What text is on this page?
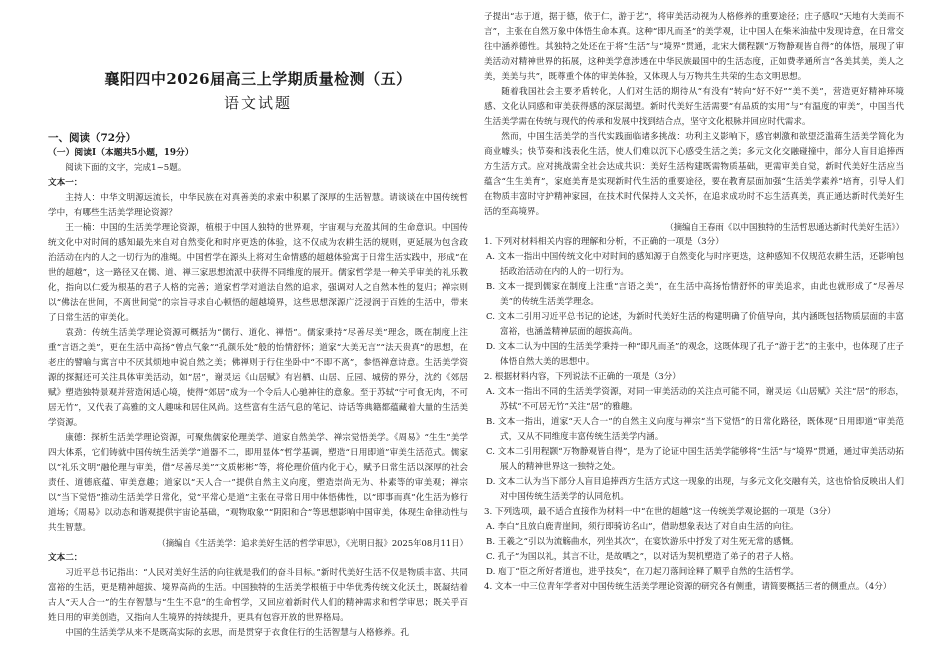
襄阳四中2026届高三上学期质量检测（五）
语文试题
一、阅读（72分）
（一）阅读Ⅰ（本题共5小题，19分）
阅读下面的文字，完成1~5题。
文本一：
主持人：中华文明源远流长，中华民族在对真善美的求索中积累了深厚的生活智慧。请谈谈在中国传统哲学中，有哪些生活美学理论资源？
王一楠：中国的生活美学理论资源，植根于中国人独特的世界观，宇宙观与充盈其间的生命意识。中国传统文化中对时间的感知最先来自对自然变化和时序更迭的体验，这不仅成为农耕生活的规则，更延展为包含政治活动在内的人之一切行为的准绳。中国哲学在源头上将对生命情感的超越体验寓于日常生活实践中，形成“在世的超越”，这一路径又在儒、道、禅三家思想流派中获得不同维度的展开。儒家哲学是一种关乎审美的礼乐教化，指向以仁爱为根基的君子人格的完善；道家哲学对道法自然的追求，强调对人之自然本性的复归；禅宗则以“佛法在世间，不离世间觉”的宗旨寻求自心顿悟的超越境界，这些思想深源广泛浸润于百姓的生活中，带来了日常生活的审美化。
袁劲：传统生活美学理论资源可概括为“儒行、道化、禅悟”。儒家秉持“尽善尽美”理念，既在制度上注重“言语之美”，更在生活中高扬“曾点气象”“孔颜乐处”般的怡情舒怀；道家“大美无言”“法天贵真”的思想，在老庄的譬喻与寓言中不厌其烦地申说自然之美；佛禅则于行住坐卧中“不即不离”，参悟禅意诗意。生活美学资源的探掘还可关注具体审美活动，如“居”，谢灵运《山居赋》有岩栖、山居、丘园、城傍的界分，沈约《郊居赋》塑造独特景观并营造闲适心境，使得“郊居”成为一个令后人心驰神往的意象。至于苏轼“宁可食无肉，不可居无竹”，又代表了高雅的文人趣味和居住风尚。这些富有生活气息的笔记、诗话等典籍都蕴藏着大量的生活美学资源。
康德：探析生活美学理论资源，可聚焦儒家伦理美学、道家自然美学、禅宗觉悟美学。《周易》“生生”美学四大体系，它们铸就中国传统生活美学“道器不二，即用显体”哲学基调，塑造“日用即道”审美生活范式。儒家以“礼乐文明”融伦理与审美，借“尽善尽美”“文质彬彬”等，将伦理价值内化于心，赋予日常生活以深厚的社会责任、道德底蕴、审美意趣；道家以“天人合一”提供自然主义向度，塑造崇尚无为、朴素等的审美观；禅宗以“当下觉悟”推动生活美学日常化，觉“平常心是道”主张在寻常日用中体悟佛性，以“即事而真”化生活为修行道场；《周易》以动态和谐观提供宇宙论基础，“观物取象”“阴阳和合”等思想影响中国审美，体现生命律动性与共生智慧。
（摘编自《生活美学：追求美好生活的哲学审思》，《光明日报》2025年08月11日）
文本二：
习近平总书记指出：“人民对美好生活的向往就是我们的奋斗目标。”新时代美好生活不仅是物质丰富、共同富裕的生活，更是精神超拔、境界高尚的生活。中国独特的生活美学根植于中华优秀传统文化沃土，既凝结着古人“天人合一”的生存智慧与“生生不息”的生命哲学，又回应着新时代人们的精神需求和哲学审思；既关乎百姓日用的审美创造，又指向人生境界的持续提升，更具有包容开放的世界格局。
中国的生活美学从来不是既高实际的玄思，而是贯穿于衣食住行的生活智慧与人格修养。孔
子提出“志于道，据于德，依于仁，游于艺”，将审美活动视为人格修养的重要途径；庄子感叹“天地有大美而不言”，主张在自然万象中体悟生命本真。这种“即凡而圣”的美学观，让中国人在柴米油盐中发现诗意，在日常交往中涵养德性。其独特之处还在于将“生活”与“境界”贯通，北宋大儒程颢“万物静观皆自得”的体悟，展现了审美活动对精神世界的拓展，这种美学意涉透在中华民族最国中的生活态度，正如费孝通所言“各美其美，美人之美，美美与共”，既尊重个体的审美体验，又体现人与万物共生共荣的生态文明思想。
随着我国社会主要矛盾转化，人们对生活的期待从“有没有”转向“好不好”“美不美”，营造更好精神环境感、文化认同感和审美获得感的深层渴望。新时代美好生活需要“有品质的实用”与“有温度的审美”，中国当代生活美学需在传统与现代的传承和发展中找到结合点，坚守文化根脉并回应时代需求。
然而，中国生活美学的当代实践面临诸多挑战：功利主义影响下，感官刺激和欲望泛滥蒋生活美学简化为商业噱头；快节奏和浅表化生活，使人们难以沉下心感受生活之美；多元文化交融碰撞中，部分人盲目追捧西方生活方式。应对挑战需全社会达成共识：美好生活构建既需物质基础，更需审美自觉，新时代美好生活应当蕴含“生生美育”，家庭美育是实现新时代生活的重要途径，要在教育层面加强“生活美学素养”培育，引导人们在物质丰富时守护精神家园，在技术时代保持人文关怀，在追求成功时不忘生活真美，真正通达新时代美好生活的至高境界。
（摘编自王春雨《以中国独特的生活哲思通达新时代美好生活》）
1. 下列对材料相关内容的理解和分析，不正确的一项是（3分）
A. 文本一指出中国传统文化中对时间的感知源于自然变化与时序更迭，这种感知不仅规范农耕生活，还影响包括政治活动在内的人的一切行为。
B. 文本一提到儒家在制度上注重“言语之美”，在生活中高扬怡情舒怀的审美追求，由此也就形成了“尽善尽美”的传统生活美学理念。
C. 文本二引用习近平总书记的论述，为新时代美好生活的构建明确了价值导向，其内涵既包括物质层面的丰富富裕，也涵盖精神层面的超拔高尚。
D. 文本二认为中国的生活美学秉持一种“即凡而圣”的观念，这既体现了孔子“游于艺”的主张中，也体现了庄子体悟自然大美的思想中。
2. 根据材料内容，下列说法不正确的一项是（3分）
A. 文本一指出不同的生活美学资源，对同一审美活动的关注点可能不同，谢灵运《山居赋》关注“居”的形态，苏轼“不可居无竹”关注“居”的雅趣。
B. 文本一指出，道家“天人合一”的自然主义向度与禅宗“当下觉悟”的日常化路径，既体现“日用即道”审美范式，又从不同维度丰富传统生活美学内涵。
C. 文本二引用程颢“万物静观皆自得”，是为了论证中国生活美学能够将“生活”与“境界”贯通，通过审美活动拓展人的精神世界这一独特之处。
D. 文本二认为当下部分人盲目追捧西方生活方式这一现象的出现，与多元文化交融有关，这也恰恰反映出人们对中国传统生活美学的认同危机。
3. 下列选项，最不适合直接作为材料一中“在世的超越”这一传统美学观论据的一项是（3分）
A. 李白“且放白鹿青崖间，须行即骑访名山”，借助想象表达了对自由生活的向往。
B. 王羲之“引以为流觞曲水，列坐其次”，在宴饮游乐中抒发了对生死无常的感慨。
C. 孔子“为国以礼，其言不让，是故哂之”，以对话为契机塑造了弟子的君子人格。
D. 庖丁“臣之所好者道也，进乎技矣”，在刀起刀落间诠释了顺乎自然的生活哲学。
4. 文本一中三位青年学者对中国传统生活美学理论资源的研究各有侧重，请简要概括三者的侧重点。（4分）
